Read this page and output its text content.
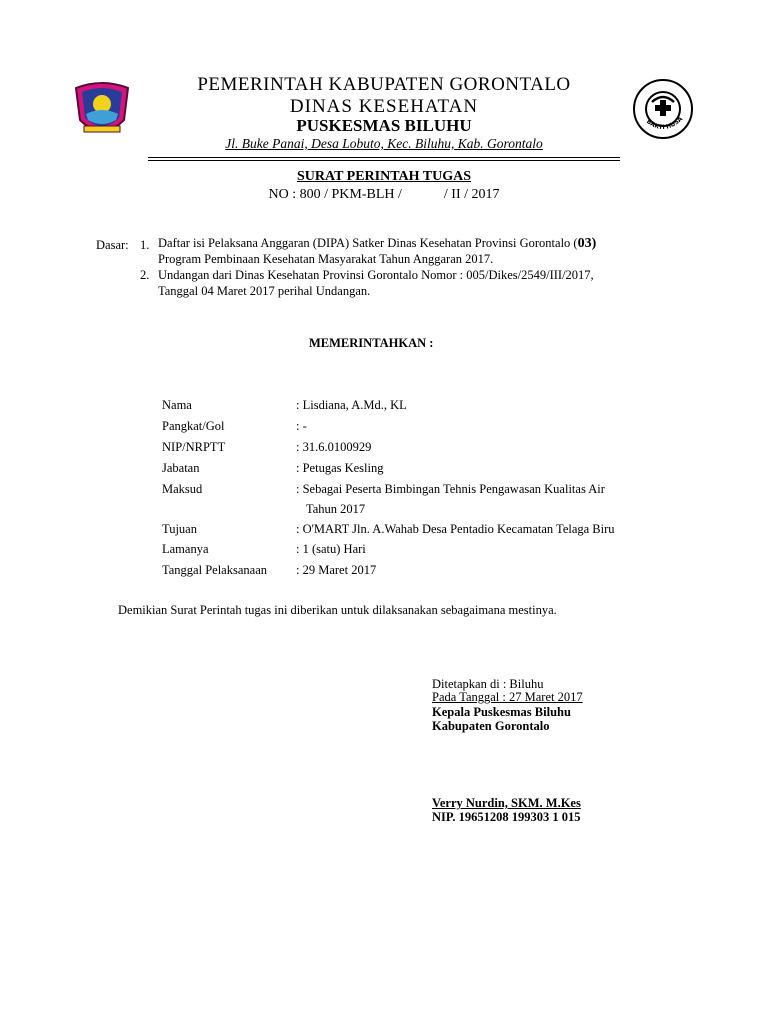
BAKTI HUSA
PEMERINTAH KABUPATEN GORONTALO
DINAS KESEHATAN
PUSKESMAS BILUHU
Jl. Buke Panai, Desa Lobuto, Kec. Biluhu, Kab. Gorontalo
SURAT PERINTAH TUGAS
NO : 800 / PKM-BLH /	/ II / 2017
Dasar: 1. Daftar isi Pelaksana Anggaran (DIPA) Satker Dinas Kesehatan Provinsi Gorontalo (03)
Program Pembinaan Kesehatan Masyarakat Tahun Anggaran 2017.
2. Undangan dari Dinas Kesehatan Provinsi Gorontalo Nomor : 005/Dikes/2549/III/2017,
Tanggal 04 Maret 2017 perihal Undangan.
MEMERINTAHKAN :
Nama	: Lisdiana, A.Md., KL
Pangkat/Gol	: -
NIP/NRPTT	: 31.6.0100929
Jabatan	: Petugas Kesling
Maksud	: Sebagai Peserta Bimbingan Tehnis Pengawasan Kualitas Air
Tahun 2017
Tujuan	: O'MART Jln. A.Wahab Desa Pentadio Kecamatan Telaga Biru
Lamanya	: 1 (satu) Hari
Tanggal Pelaksanaan : 29 Maret 2017
Demikian Surat Perintah tugas ini diberikan untuk dilaksanakan sebagaimana mestinya.
Ditetapkan di : Biluhu
Pada Tanggal : 27 Maret 2017
Kepala Puskesmas Biluhu
Kabupaten Gorontalo
Verry Nurdin, SKM. M.Kes
NIP. 19651208 199303 1 015
